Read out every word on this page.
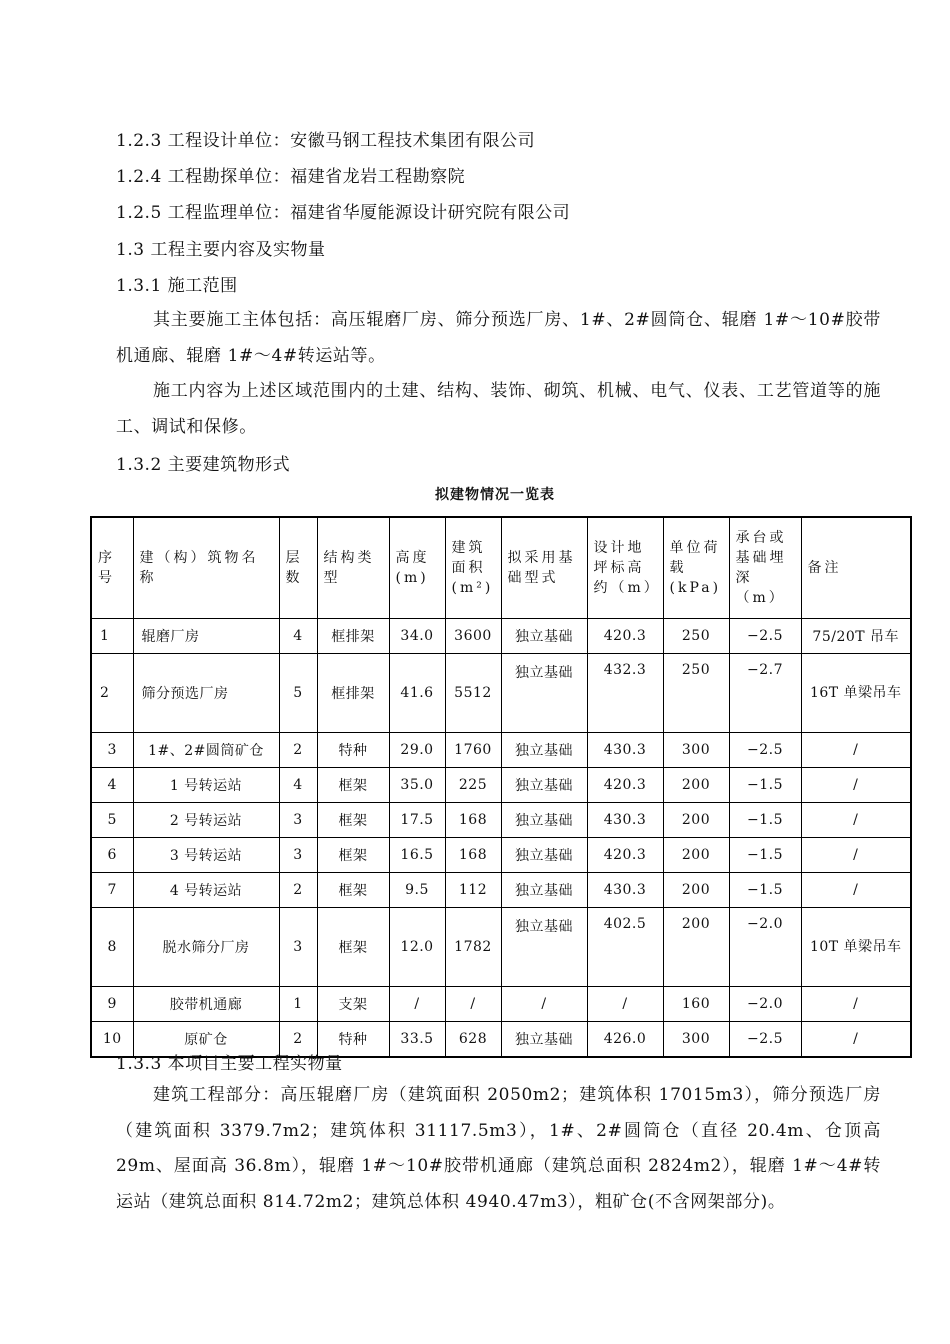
1.2.3 工程设计单位：安徽马钢工程技术集团有限公司
1.2.4 工程勘探单位：福建省龙岩工程勘察院
1.2.5 工程监理单位：福建省华厦能源设计研究院有限公司
1.3 工程主要内容及实物量
1.3.1 施工范围
其主要施工主体包括：高压辊磨厂房、筛分预选厂房、1#、2#圆筒仓、辊磨 1#～10#胶带机通廊、辊磨 1#～4#转运站等。
施工内容为上述区域范围内的土建、结构、装饰、砌筑、机械、电气、仪表、工艺管道等的施工、调试和保修。
1.3.2 主要建筑物形式
拟建物情况一览表
序号	建（构）筑物名称	层数	结构类型	高度(m)	建筑面积(m²)	拟采用基础型式	设计地坪标高约（m）	单位荷载(kPa)	承台或基础埋深（m）	备注
1	辊磨厂房	4	框排架	34.0	3600	独立基础	420.3	250	−2.5	75/20T 吊车
2	筛分预选厂房	5	框排架	41.6	5512	独立基础	432.3	250	−2.7	16T 单梁吊车
3	1#、2#圆筒矿仓	2	特种	29.0	1760	独立基础	430.3	300	−2.5	/
4	1 号转运站	4	框架	35.0	225	独立基础	420.3	200	−1.5	/
5	2 号转运站	3	框架	17.5	168	独立基础	430.3	200	−1.5	/
6	3 号转运站	3	框架	16.5	168	独立基础	420.3	200	−1.5	/
7	4 号转运站	2	框架	9.5	112	独立基础	430.3	200	−1.5	/
8	脱水筛分厂房	3	框架	12.0	1782	独立基础	402.5	200	−2.0	10T 单梁吊车
9	胶带机通廊	1	支架	/	/	/	/	160	−2.0	/
10	原矿仓	2	特种	33.5	628	独立基础	426.0	300	−2.5	/
1.3.3 本项目主要工程实物量
建筑工程部分：高压辊磨厂房（建筑面积 2050m2；建筑体积 17015m3），筛分预选厂房（建筑面积 3379.7m2；建筑体积 31117.5m3），1#、2#圆筒仓（直径 20.4m、仓顶高 29m、屋面高 36.8m），辊磨 1#～10#胶带机通廊（建筑总面积 2824m2），辊磨 1#～4#转运站（建筑总面积 814.72m2；建筑总体积 4940.47m3），粗矿仓(不含网架部分)。
